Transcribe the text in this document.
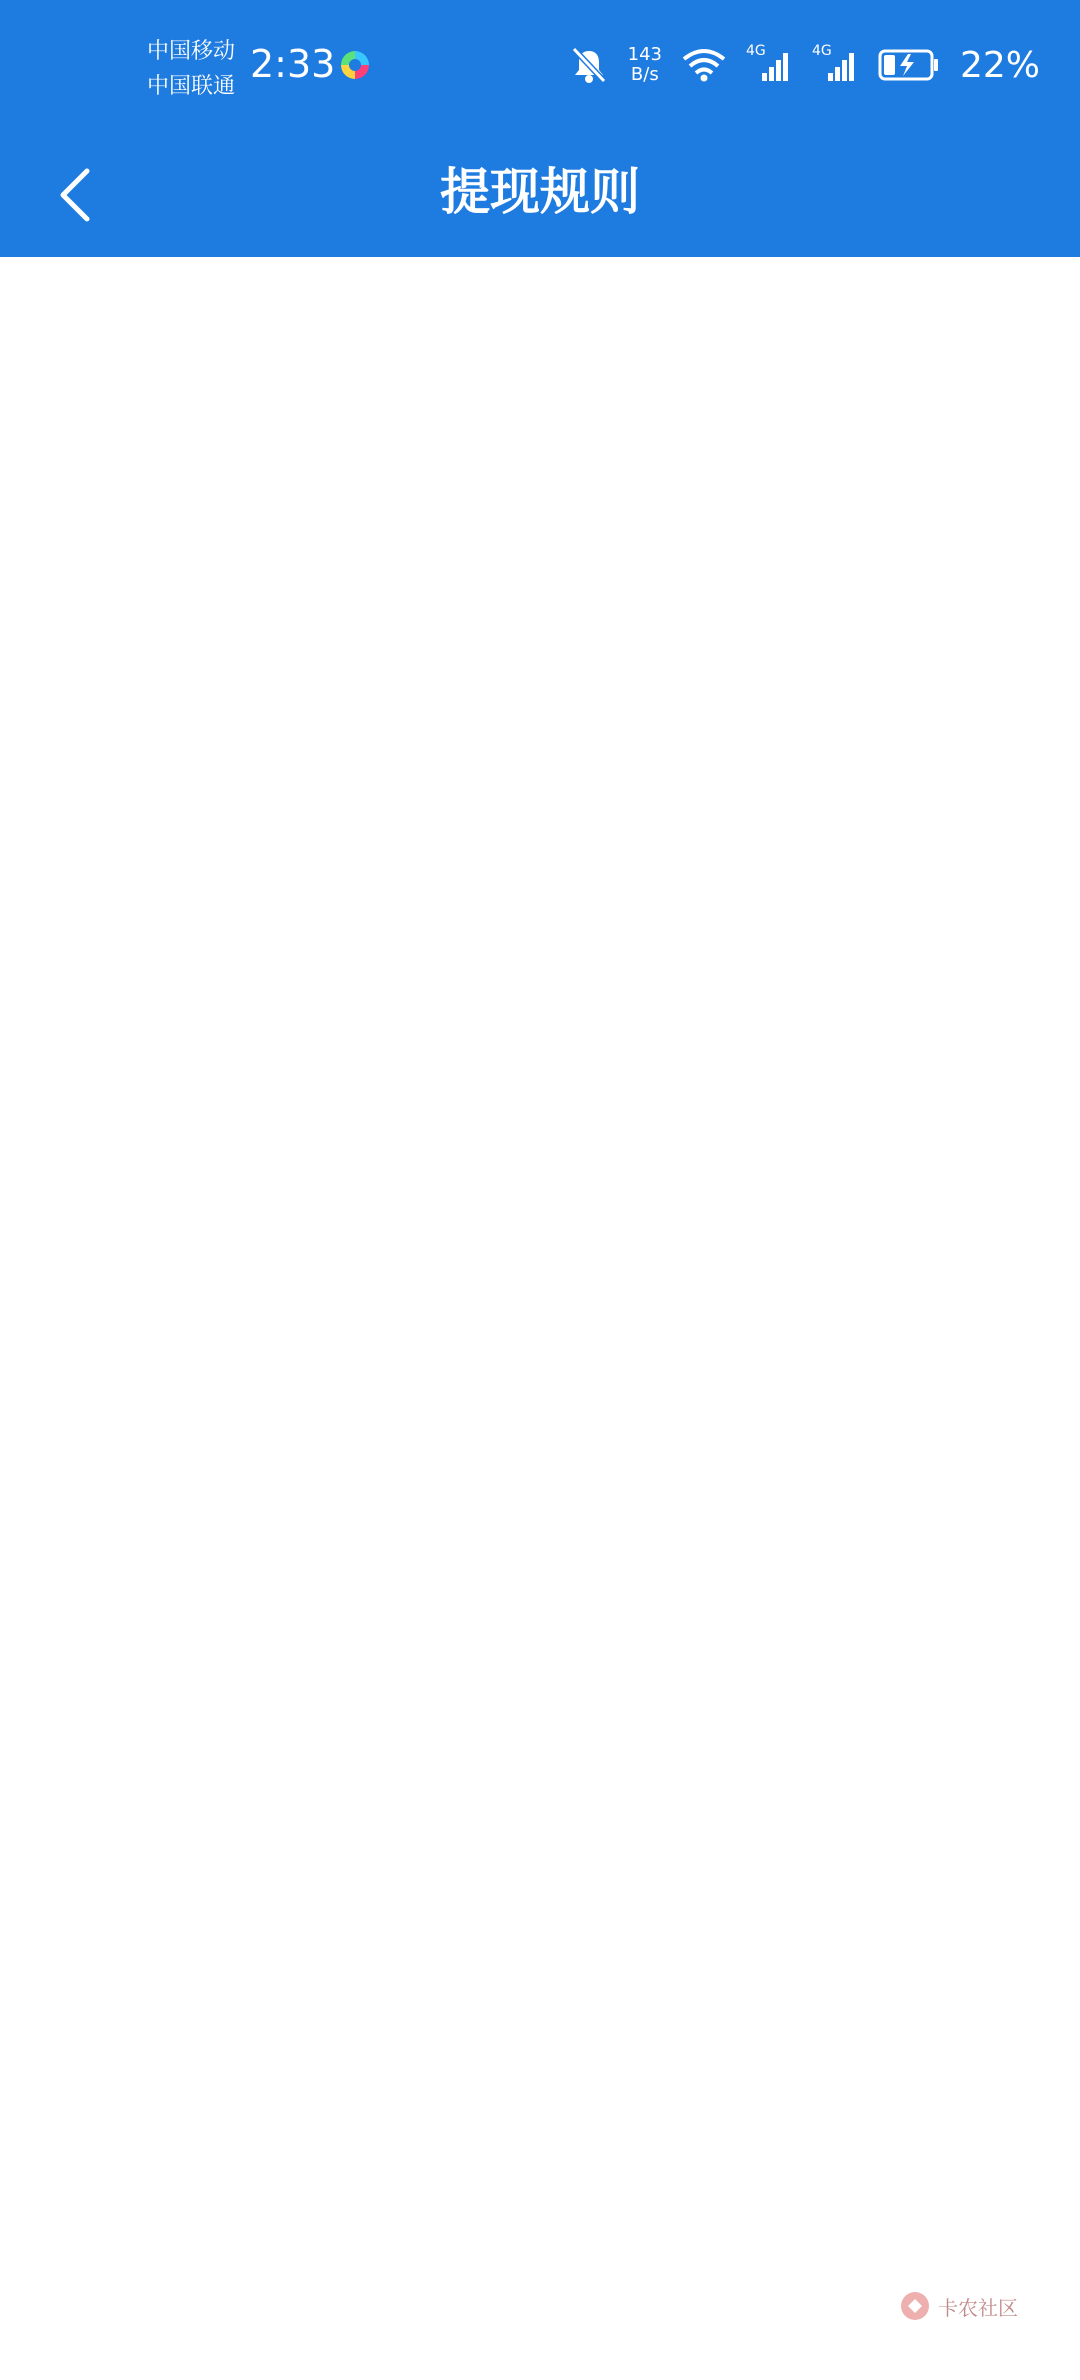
中国移动
中国联通
2:33	143
B/s
4G	4G	22%
提现规则

难度可能会不定期根据平台运营情况进行调整，具体以app内展示为准。会不定期根据运营情况进行调整。

7、基于用户安全及真实性考虑，为保证您顺利提现，提现需按照页面提示进行微信账户及手机认证，如您未按提现要求操作或不符合第三方支付平台的要求等原因导致不能收款（如未做实名认证或提现前与平台账号解绑等），所获得的红包将无法提现，本平台无需承担任何责任。

8、未成年人用户应在其监护人的陪同下使用本App并应在征得其监护人的同意后进行，用户均应确保提供的信息准确无误，如因填写信息错误等非本平台原因导致不能提现 / 兑换，视为用户自愿放弃全部金额，平台不承担责任。

9、存在作弊行为的用户，本APP有权审核为不通过，经查实可封禁账号和扣除红包奖励;

10、基于游戏反作弊和安全性的要求，对于连续30天未登录的用户账户，我们有可能会采取账户收益清零的操作。

11、我们依法运营本活动，如遇因不可抗力、情

卡农社区
